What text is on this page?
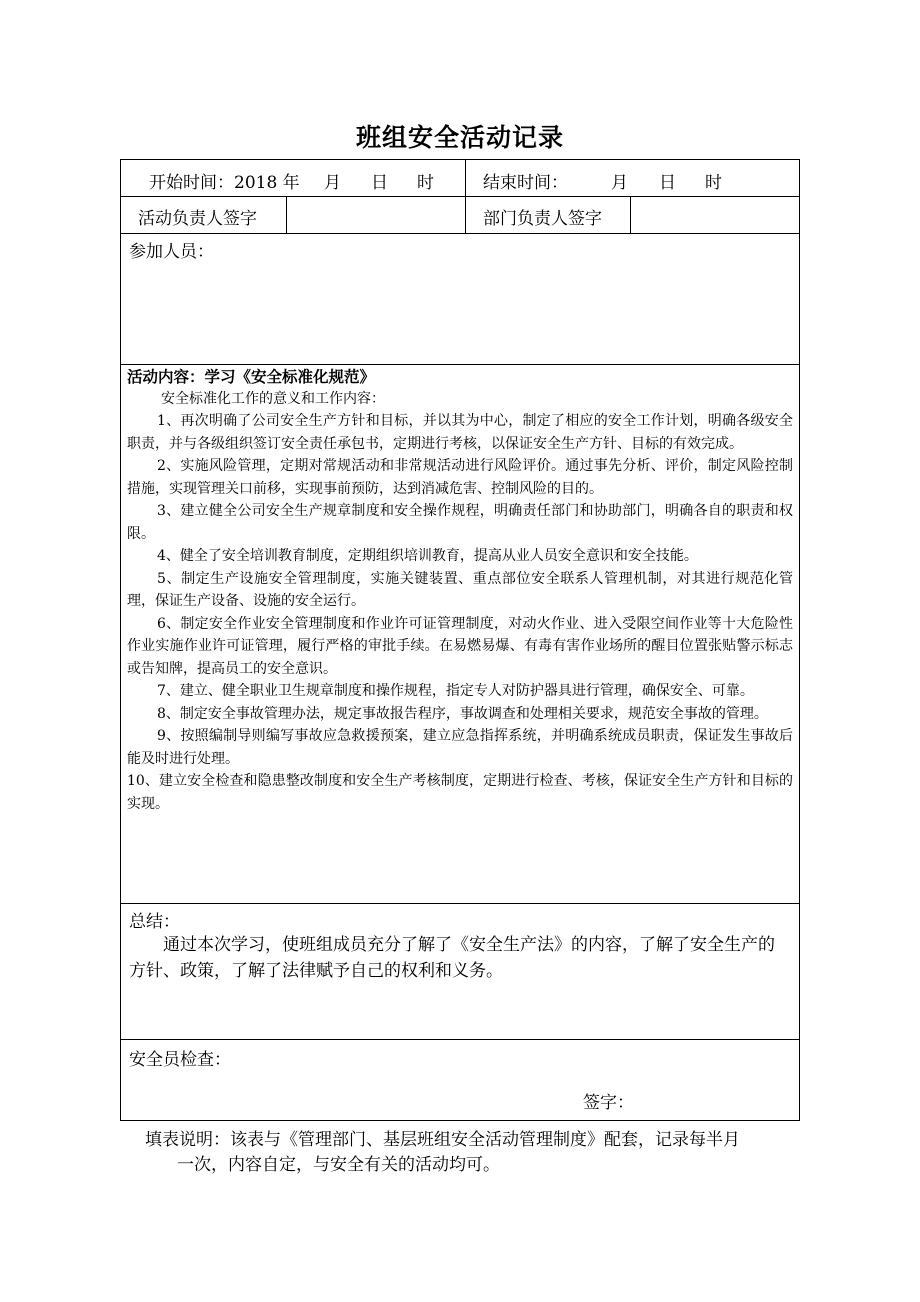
班组安全活动记录
开始时间：2018 年 月 日 时	结束时间：	月 日 时
活动负责人签字	部门负责人签字
参加人员：
活动内容：学习《安全标准化规范》
安全标准化工作的意义和工作内容：
1、再次明确了公司安全生产方针和目标，并以其为中心，制定了相应的安全工作计划，明确各级安全职责，并与各级组织签订安全责任承包书，定期进行考核，以保证安全生产方针、目标的有效完成。
2、实施风险管理，定期对常规活动和非常规活动进行风险评价。通过事先分析、评价，制定风险控制措施，实现管理关口前移，实现事前预防，达到消减危害、控制风险的目的。
3、建立健全公司安全生产规章制度和安全操作规程，明确责任部门和协助部门，明确各自的职责和权限。
4、健全了安全培训教育制度，定期组织培训教育，提高从业人员安全意识和安全技能。
5、制定生产设施安全管理制度，实施关键装置、重点部位安全联系人管理机制，对其进行规范化管理，保证生产设备、设施的安全运行。
6、制定安全作业安全管理制度和作业许可证管理制度，对动火作业、进入受限空间作业等十大危险性作业实施作业许可证管理，履行严格的审批手续。在易燃易爆、有毒有害作业场所的醒目位置张贴警示标志或告知牌，提高员工的安全意识。
7、建立、健全职业卫生规章制度和操作规程，指定专人对防护器具进行管理，确保安全、可靠。
8、制定安全事故管理办法，规定事故报告程序，事故调查和处理相关要求，规范安全事故的管理。
9、按照编制导则编写事故应急救援预案，建立应急指挥系统，并明确系统成员职责，保证发生事故后能及时进行处理。
10、建立安全检查和隐患整改制度和安全生产考核制度，定期进行检查、考核，保证安全生产方针和目标的实现。
总结：
通过本次学习，使班组成员充分了解了《安全生产法》的内容，了解了安全生产的方针、政策，了解了法律赋予自己的权利和义务。
安全员检查：
签字：
填表说明：该表与《管理部门、基层班组安全活动管理制度》配套，记录每半月
一次，内容自定，与安全有关的活动均可。
